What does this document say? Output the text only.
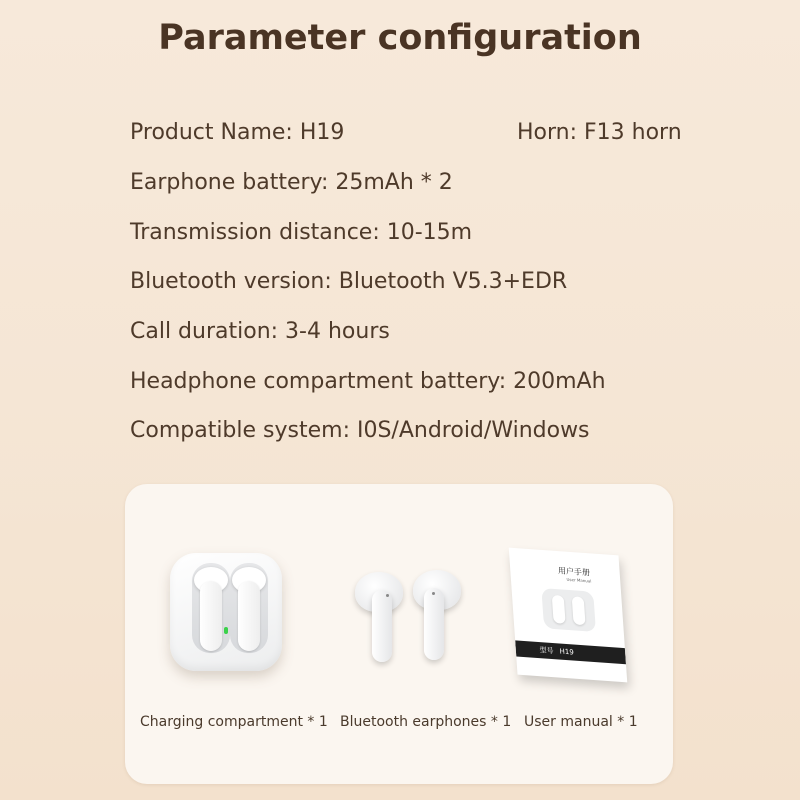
Parameter configuration
Product Name: H19	Horn: F13 horn
Earphone battery: 25mAh * 2
Transmission distance: 10-15m
Bluetooth version: Bluetooth V5.3+EDR
Call duration: 3-4 hours
Headphone compartment battery: 200mAh
Compatible system: I0S/Android/Windows
用户手册
User Manual
型号 H19
Charging compartment * 1 Bluetooth earphones * 1 User manual * 1
